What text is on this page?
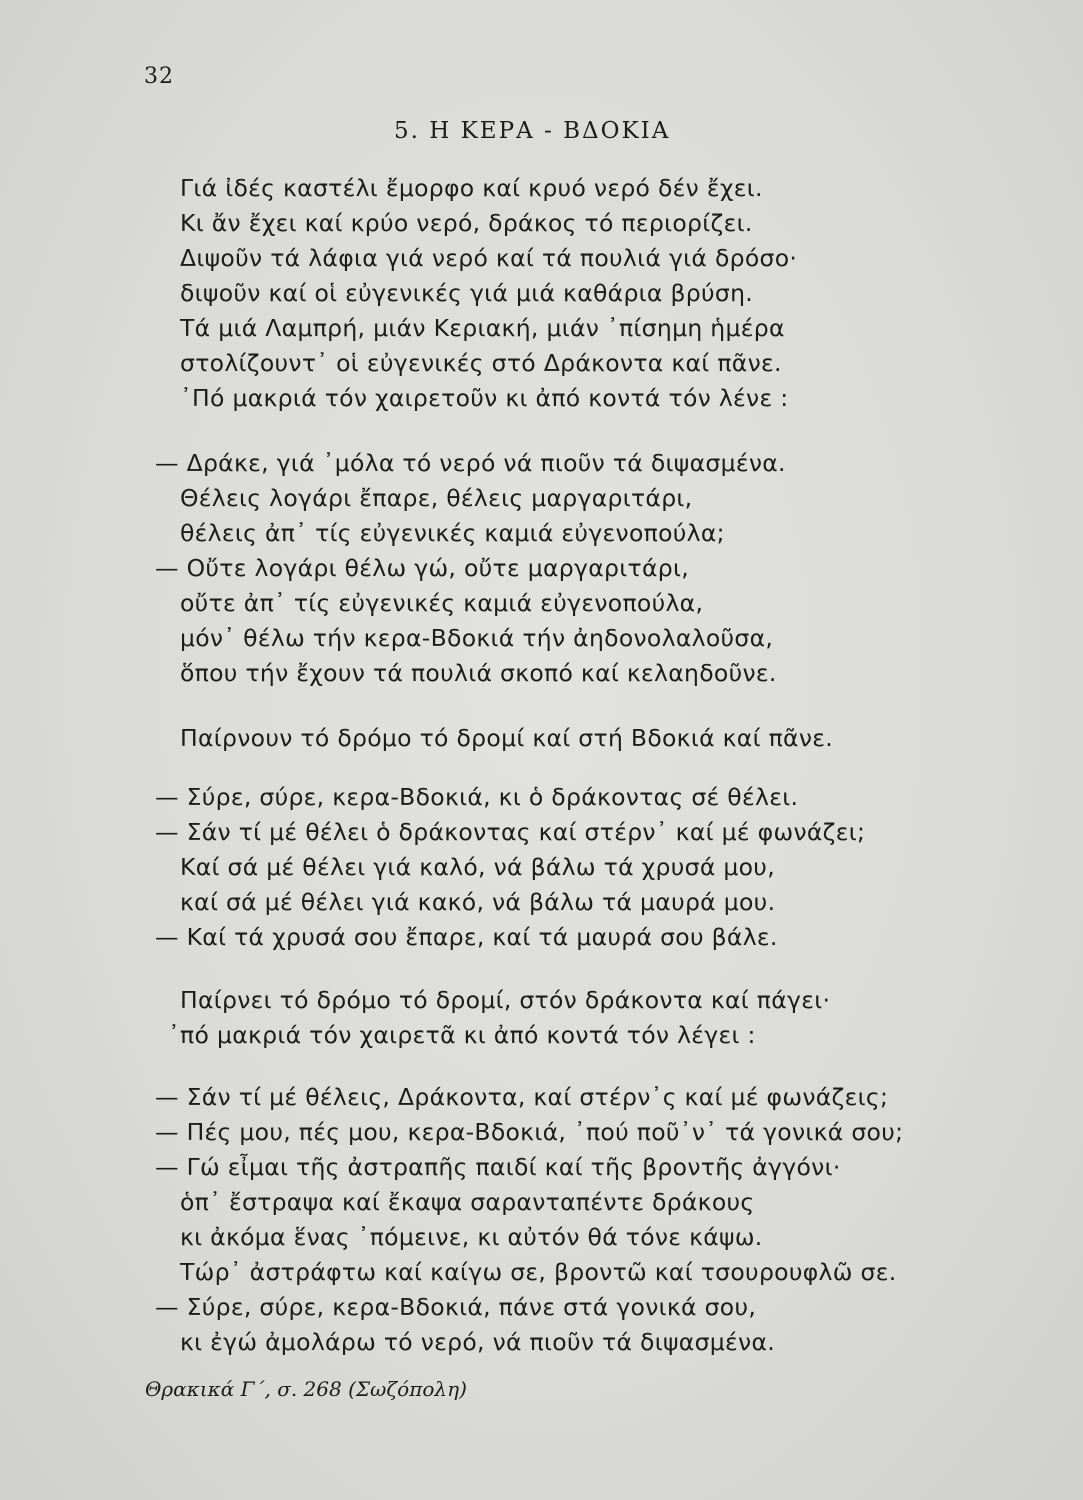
32
5. Η ΚΕΡΑ - ΒΔΟΚΙΑ
Γιά ἰδές καστέλι ἔμορφο καί κρυό νερό δέν ἔχει.
Κι ἄν ἔχει καί κρύο νερό, δράκος τό περιορίζει.
Διψοῦν τά λάφια γιά νερό καί τά πουλιά γιά δρόσο·
διψοῦν καί οἱ εὐγενικές γιά μιά καθάρια βρύση.
Τά μιά Λαμπρή, μιάν Κεριακή, μιάν ᾽πίσημη ἡμέρα
στολίζουντ᾽ οἱ εὐγενικές στό Δράκοντα καί πᾶνε.
᾽Πό μακριά τόν χαιρετοῦν κι ἀπό κοντά τόν λένε :
— Δράκε, γιά ᾽μόλα τό νερό νά πιοῦν τά διψασμένα.
Θέλεις λογάρι ἔπαρε, θέλεις μαργαριτάρι,
θέλεις ἀπ᾽ τίς εὐγενικές καμιά εὐγενοπούλα;
— Οὔτε λογάρι θέλω γώ, οὔτε μαργαριτάρι,
οὔτε ἀπ᾽ τίς εὐγενικές καμιά εὐγενοπούλα,
μόν᾽ θέλω τήν κερα-Βδοκιά τήν ἀηδονολαλοῦσα,
ὅπου τήν ἔχουν τά πουλιά σκοπό καί κελαηδοῦνε.
Παίρνουν τό δρόμο τό δρομί καί στή Βδοκιά καί πᾶνε.
— Σύρε, σύρε, κερα-Βδοκιά, κι ὁ δράκοντας σέ θέλει.
— Σάν τί μέ θέλει ὁ δράκοντας καί στέρν᾽ καί μέ φωνάζει;
Καί σά μέ θέλει γιά καλό, νά βάλω τά χρυσά μου,
καί σά μέ θέλει γιά κακό, νά βάλω τά μαυρά μου.
— Καί τά χρυσά σου ἔπαρε, καί τά μαυρά σου βάλε.
Παίρνει τό δρόμο τό δρομί, στόν δράκοντα καί πάγει·
᾽πό μακριά τόν χαιρετᾶ κι ἀπό κοντά τόν λέγει :
— Σάν τί μέ θέλεις, Δράκοντα, καί στέρν᾽ς καί μέ φωνάζεις;
— Πές μου, πές μου, κερα-Βδοκιά, ᾽πού ποῦ᾽ν᾽ τά γονικά σου;
— Γώ εἶμαι τῆς ἀστραπῆς παιδί καί τῆς βροντῆς ἀγγόνι·
ὁπ᾽ ἔστραψα καί ἔκαψα σαρανταπέντε δράκους
κι ἀκόμα ἕνας ᾽πόμεινε, κι αὐτόν θά τόνε κάψω.
Τώρ᾽ ἀστράφτω καί καίγω σε, βροντῶ καί τσουρουφλῶ σε.
— Σύρε, σύρε, κερα-Βδοκιά, πάνε στά γονικά σου,
κι ἐγώ ἀμολάρω τό νερό, νά πιοῦν τά διψασμένα.
Θρακικά Γ΄, σ. 268 (Σωζόπολη)
